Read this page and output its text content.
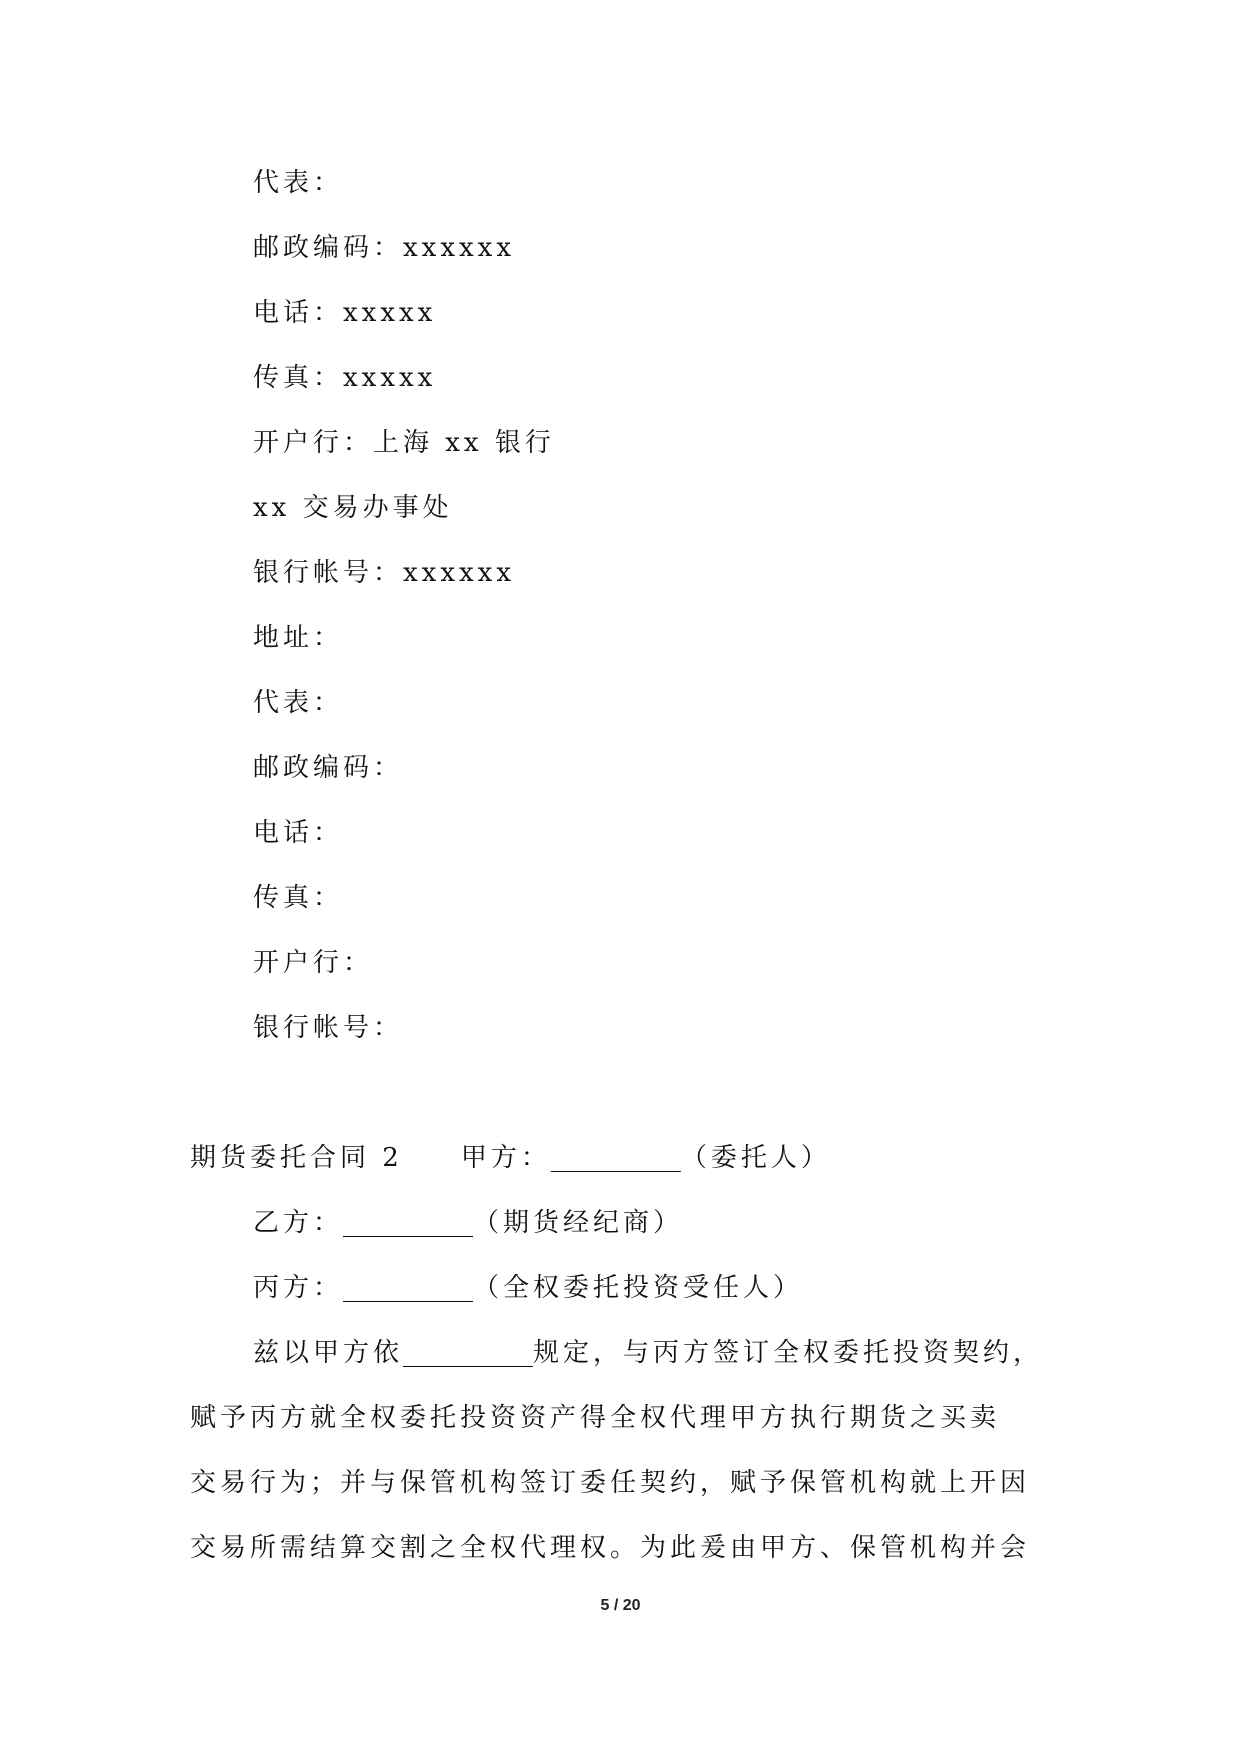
代表：
邮政编码：xxxxxx
电话：xxxxx
传真：xxxxx
开户行：上海 xx 银行
xx 交易办事处
银行帐号：xxxxxx
地址：
代表：
邮政编码：
电话：
传真：
开户行：
银行帐号：
期货委托合同 2 甲方：__________（委托人）
乙方：__________（期货经纪商）
丙方：__________（全权委托投资受任人）
兹以甲方依__________规定，与丙方签订全权委托投资契约，
赋予丙方就全权委托投资资产得全权代理甲方执行期货之买卖
交易行为；并与保管机构签订委任契约，赋予保管机构就上开因
交易所需结算交割之全权代理权。为此爰由甲方、保管机构并会
5 / 20
